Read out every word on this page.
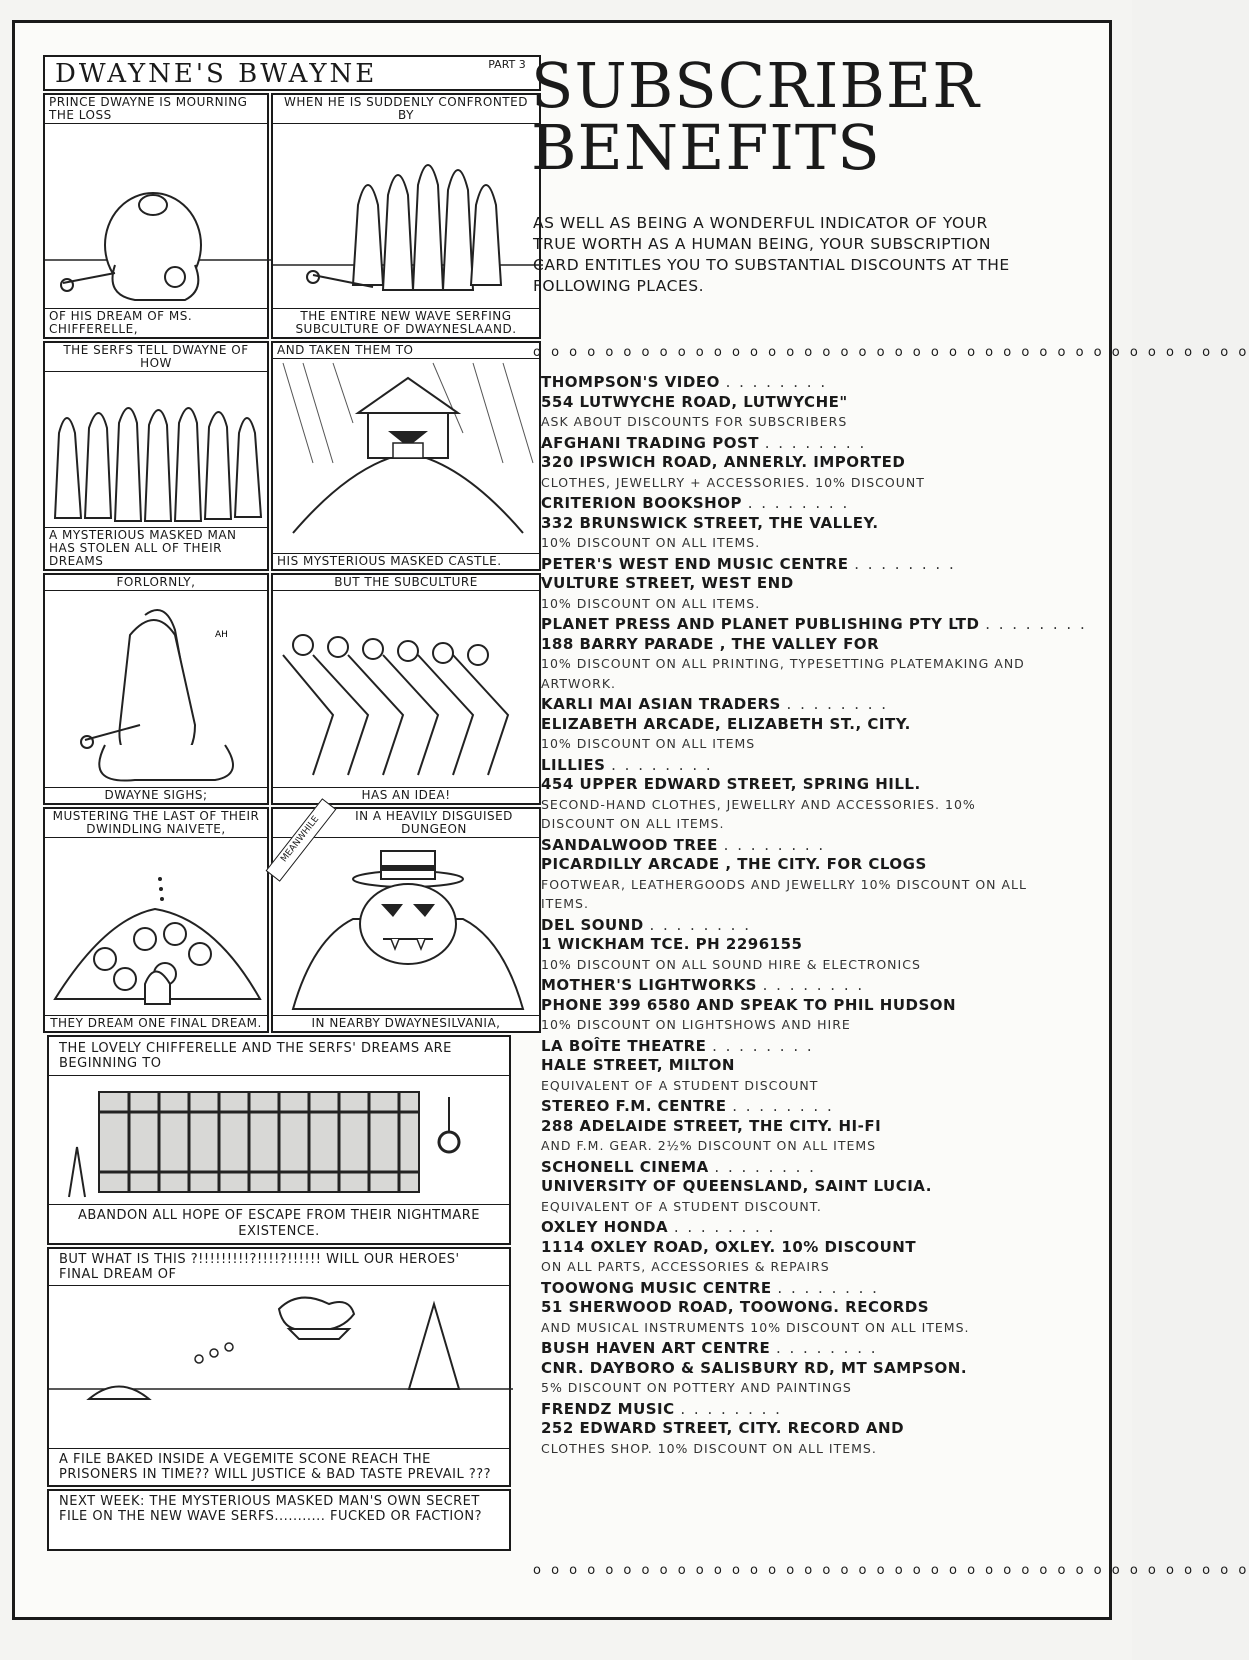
DWAYNE'S BWAYNE	PART 3
PRINCE DWAYNE IS MOURNING THE LOSS
OF HIS DREAM OF MS. CHIFFERELLE,
WHEN HE IS SUDDENLY CONFRONTED BY
THE ENTIRE NEW WAVE SERFING SUBCULTURE OF DWAYNESLAAND.
THE SERFS TELL DWAYNE OF HOW
A MYSTERIOUS MASKED MAN HAS STOLEN ALL OF THEIR DREAMS
AND TAKEN THEM TO
HIS MYSTERIOUS MASKED CASTLE.
FORLORNLY,
AH
DWAYNE SIGHS;
BUT THE SUBCULTURE
HAS AN IDEA!
MUSTERING THE LAST OF THEIR DWINDLING NAIVETE,
THEY DREAM ONE FINAL DREAM.
IN A HEAVILY DISGUISED DUNGEON
MEANWHILE
IN NEARBY DWAYNESILVANIA,
THE LOVELY CHIFFERELLE AND THE SERFS' DREAMS ARE BEGINNING TO
ABANDON ALL HOPE OF ESCAPE FROM THEIR NIGHTMARE EXISTENCE.
BUT WHAT IS THIS ?!!!!!!!!!?!!!!?!!!!!! WILL OUR HEROES' FINAL DREAM OF
A FILE BAKED INSIDE A VEGEMITE SCONE REACH THE PRISONERS IN TIME?? WILL JUSTICE & BAD TASTE PREVAIL ???
NEXT WEEK: THE MYSTERIOUS MASKED MAN'S OWN SECRET FILE ON THE NEW WAVE SERFS........... FUCKED OR FACTION?
SUBSCRIBER
BENEFITS
AS WELL AS BEING A WONDERFUL INDICATOR OF YOUR TRUE WORTH AS A HUMAN BEING, YOUR SUBSCRIPTION CARD ENTITLES YOU TO SUBSTANTIAL DISCOUNTS AT THE FOLLOWING PLACES.
o o o o o o o o o o o o o o o o o o o o o o o o o o o o o o o o o o o o o o o o
THOMPSON'S VIDEO . . . . . . . .
554 LUTWYCHE ROAD, LUTWYCHE"
ASK ABOUT DISCOUNTS FOR SUBSCRIBERS
AFGHANI TRADING POST . . . . . . . .
320 IPSWICH ROAD, ANNERLY. IMPORTED
CLOTHES, JEWELLRY + ACCESSORIES. 10% DISCOUNT
CRITERION BOOKSHOP . . . . . . . .
332 BRUNSWICK STREET, THE VALLEY.
10% DISCOUNT ON ALL ITEMS.
PETER'S WEST END MUSIC CENTRE . . . . . . . .
VULTURE STREET, WEST END
10% DISCOUNT ON ALL ITEMS.
PLANET PRESS AND PLANET PUBLISHING PTY LTD . . . . . . . .
188 BARRY PARADE , THE VALLEY FOR
10% DISCOUNT ON ALL PRINTING, TYPESETTING PLATEMAKING AND ARTWORK.
KARLI MAI ASIAN TRADERS . . . . . . . .
ELIZABETH ARCADE, ELIZABETH ST., CITY.
10% DISCOUNT ON ALL ITEMS
LILLIES . . . . . . . .
454 UPPER EDWARD STREET, SPRING HILL.
SECOND-HAND CLOTHES, JEWELLRY AND ACCESSORIES. 10% DISCOUNT ON ALL ITEMS.
SANDALWOOD TREE . . . . . . . .
PICARDILLY ARCADE , THE CITY. FOR CLOGS
FOOTWEAR, LEATHERGOODS AND JEWELLRY 10% DISCOUNT ON ALL ITEMS.
DEL SOUND . . . . . . . .
1 WICKHAM TCE. PH 2296155
10% DISCOUNT ON ALL SOUND HIRE & ELECTRONICS
MOTHER'S LIGHTWORKS . . . . . . . .
PHONE 399 6580 AND SPEAK TO PHIL HUDSON
10% DISCOUNT ON LIGHTSHOWS AND HIRE
LA BOÎTE THEATRE . . . . . . . .
HALE STREET, MILTON
EQUIVALENT OF A STUDENT DISCOUNT
STEREO F.M. CENTRE . . . . . . . .
288 ADELAIDE STREET, THE CITY. HI-FI
AND F.M. GEAR. 2½% DISCOUNT ON ALL ITEMS
SCHONELL CINEMA . . . . . . . .
UNIVERSITY OF QUEENSLAND, SAINT LUCIA.
EQUIVALENT OF A STUDENT DISCOUNT.
OXLEY HONDA . . . . . . . .
1114 OXLEY ROAD, OXLEY. 10% DISCOUNT
ON ALL PARTS, ACCESSORIES & REPAIRS
TOOWONG MUSIC CENTRE . . . . . . . .
51 SHERWOOD ROAD, TOOWONG. RECORDS
AND MUSICAL INSTRUMENTS 10% DISCOUNT ON ALL ITEMS.
BUSH HAVEN ART CENTRE . . . . . . . .
CNR. DAYBORO & SALISBURY RD, MT SAMPSON.
5% DISCOUNT ON POTTERY AND PAINTINGS
FRENDZ MUSIC . . . . . . . .
252 EDWARD STREET, CITY. RECORD AND
CLOTHES SHOP. 10% DISCOUNT ON ALL ITEMS.
o o o o o o o o o o o o o o o o o o o o o o o o o o o o o o o o o o o o o o o o
